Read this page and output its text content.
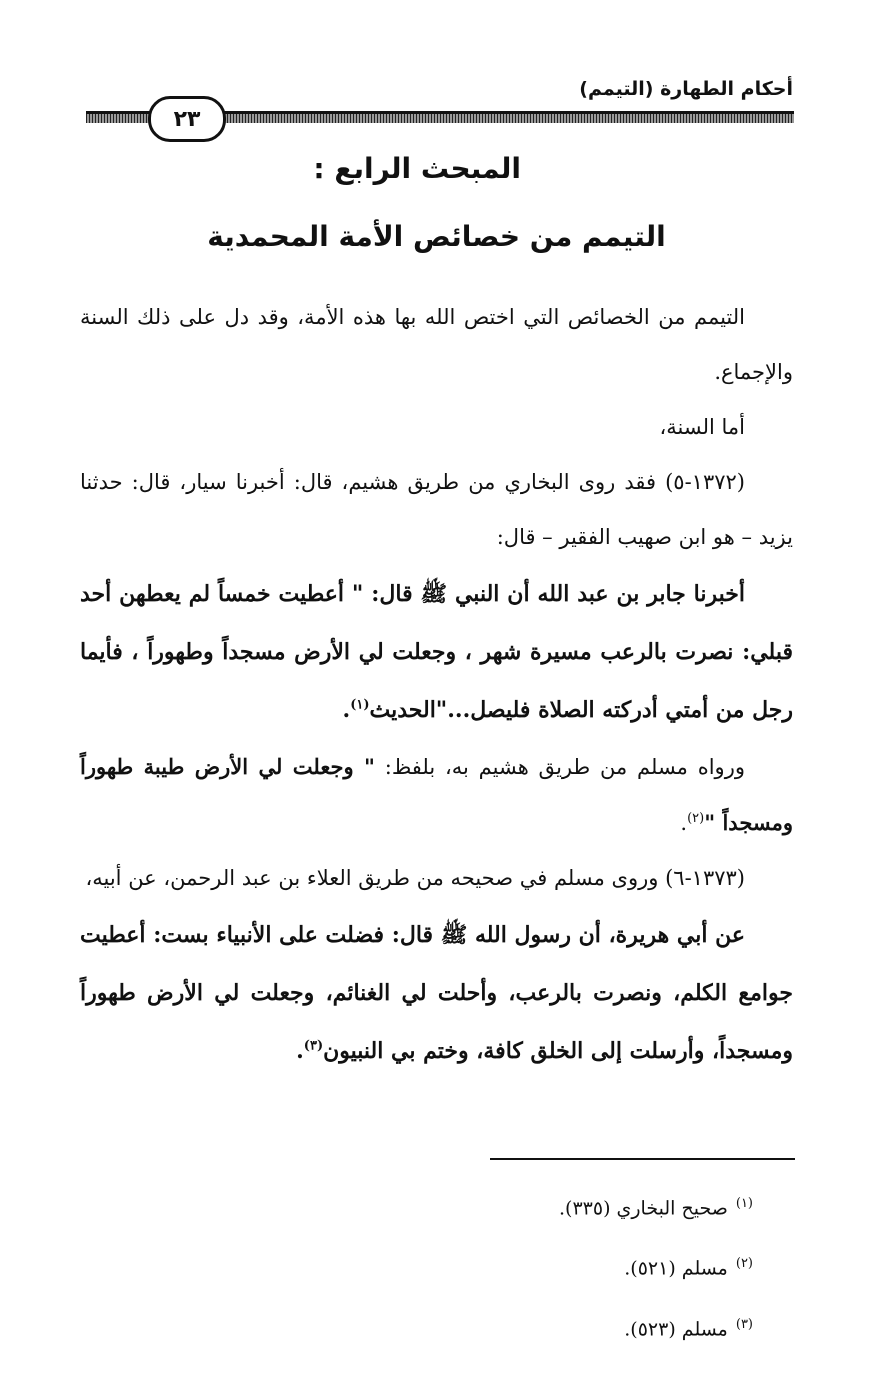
أحكام الطهارة (التيمم)
٢٣
المبحث الرابع :
التيمم من خصائص الأمة المحمدية

التيمم من الخصائص التي اختص الله بها هذه الأمة، وقد دل على ذلك السنة والإجماع.

أما السنة،

(١٣٧٢-٥) فقد روى البخاري من طريق هشيم، قال: أخبرنا سيار، قال: حدثنا يزيد – هو ابن صهيب الفقير – قال:

أخبرنا جابر بن عبد الله أن النبي ﷺ قال: " أعطيت خمساً لم يعطهن أحد قبلي: نصرت بالرعب مسيرة شهر ، وجعلت لي الأرض مسجداً وطهوراً ، فأيما رجل من أمتي أدركته الصلاة فليصل..."الحديث$^{(١)}$.

ورواه مسلم من طريق هشيم به، بلفظ: " وجعلت لي الأرض طيبة طهوراً ومسجداً "$^{(٢)}$.

(١٣٧٣-٦) وروى مسلم في صحيحه من طريق العلاء بن عبد الرحمن، عن أبيه،

عن أبي هريرة، أن رسول الله ﷺ قال: فضلت على الأنبياء بست: أعطيت جوامع الكلم، ونصرت بالرعب، وأحلت لي الغنائم، وجعلت لي الأرض طهوراً ومسجداً، وأرسلت إلى الخلق كافة، وختم بي النبيون$^{(٣)}$.

$^{(١)}$صحيح البخاري (٣٣٥).

$^{(٢)}$مسلم (٥٢١).

$^{(٣)}$مسلم (٥٢٣).
